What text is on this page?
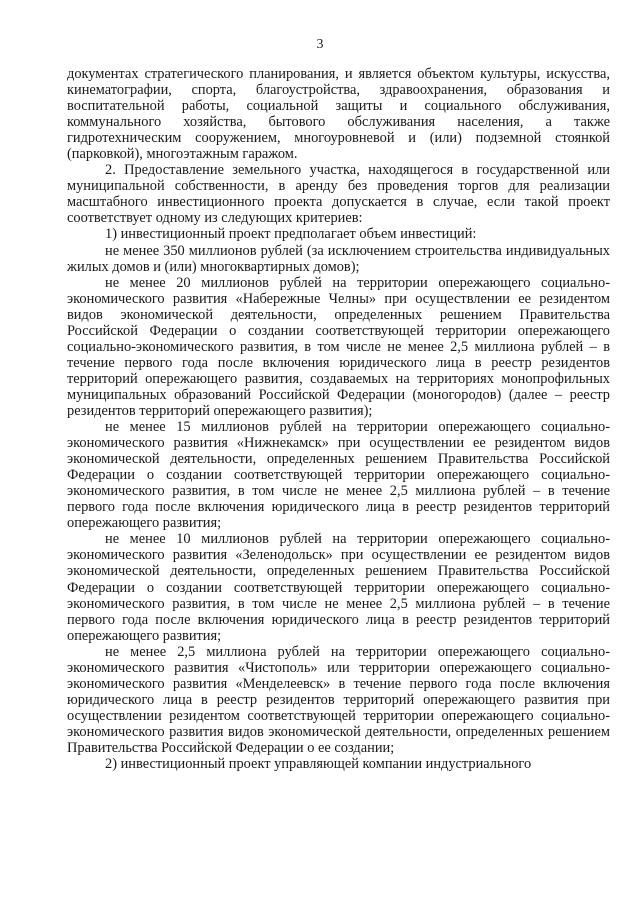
3

документах стратегического планирования, и является объектом культуры, искусства, кинематографии, спорта, благоустройства, здравоохранения, образования и воспитательной работы, социальной защиты и социального обслуживания, коммунального хозяйства, бытового обслуживания населения, а также гидротехническим сооружением, многоуровневой и (или) подземной стоянкой (парковкой), многоэтажным гаражом.

2. Предоставление земельного участка, находящегося в государственной или муниципальной собственности, в аренду без проведения торгов для реализации масштабного инвестиционного проекта допускается в случае, если такой проект соответствует одному из следующих критериев:

1) инвестиционный проект предполагает объем инвестиций:

не менее 350 миллионов рублей (за исключением строительства индивидуальных жилых домов и (или) многоквартирных домов);

не менее 20 миллионов рублей на территории опережающего социально-экономического развития «Набережные Челны» при осуществлении ее резидентом видов экономической деятельности, определенных решением Правительства Российской Федерации о создании соответствующей территории опережающего социально-экономического развития, в том числе не менее 2,5 миллиона рублей – в течение первого года после включения юридического лица в реестр резидентов территорий опережающего развития, создаваемых на территориях монопрофильных муниципальных образований Российской Федерации (моногородов) (далее – реестр резидентов территорий опережающего развития);

не менее 15 миллионов рублей на территории опережающего социально-экономического развития «Нижнекамск» при осуществлении ее резидентом видов экономической деятельности, определенных решением Правительства Российской Федерации о создании соответствующей территории опережающего социально-экономического развития, в том числе не менее 2,5 миллиона рублей – в течение первого года после включения юридического лица в реестр резидентов территорий опережающего развития;

не менее 10 миллионов рублей на территории опережающего социально-экономического развития «Зеленодольск» при осуществлении ее резидентом видов экономической деятельности, определенных решением Правительства Российской Федерации о создании соответствующей территории опережающего социально-экономического развития, в том числе не менее 2,5 миллиона рублей – в течение первого года после включения юридического лица в реестр резидентов территорий опережающего развития;

не менее 2,5 миллиона рублей на территории опережающего социально-экономического развития «Чистополь» или территории опережающего социально-экономического развития «Менделеевск» в течение первого года после включения юридического лица в реестр резидентов территорий опережающего развития при осуществлении резидентом соответствующей территории опережающего социально-экономического развития видов экономической деятельности, определенных решением Правительства Российской Федерации о ее создании;

2) инвестиционный проект управляющей компании индустриального
